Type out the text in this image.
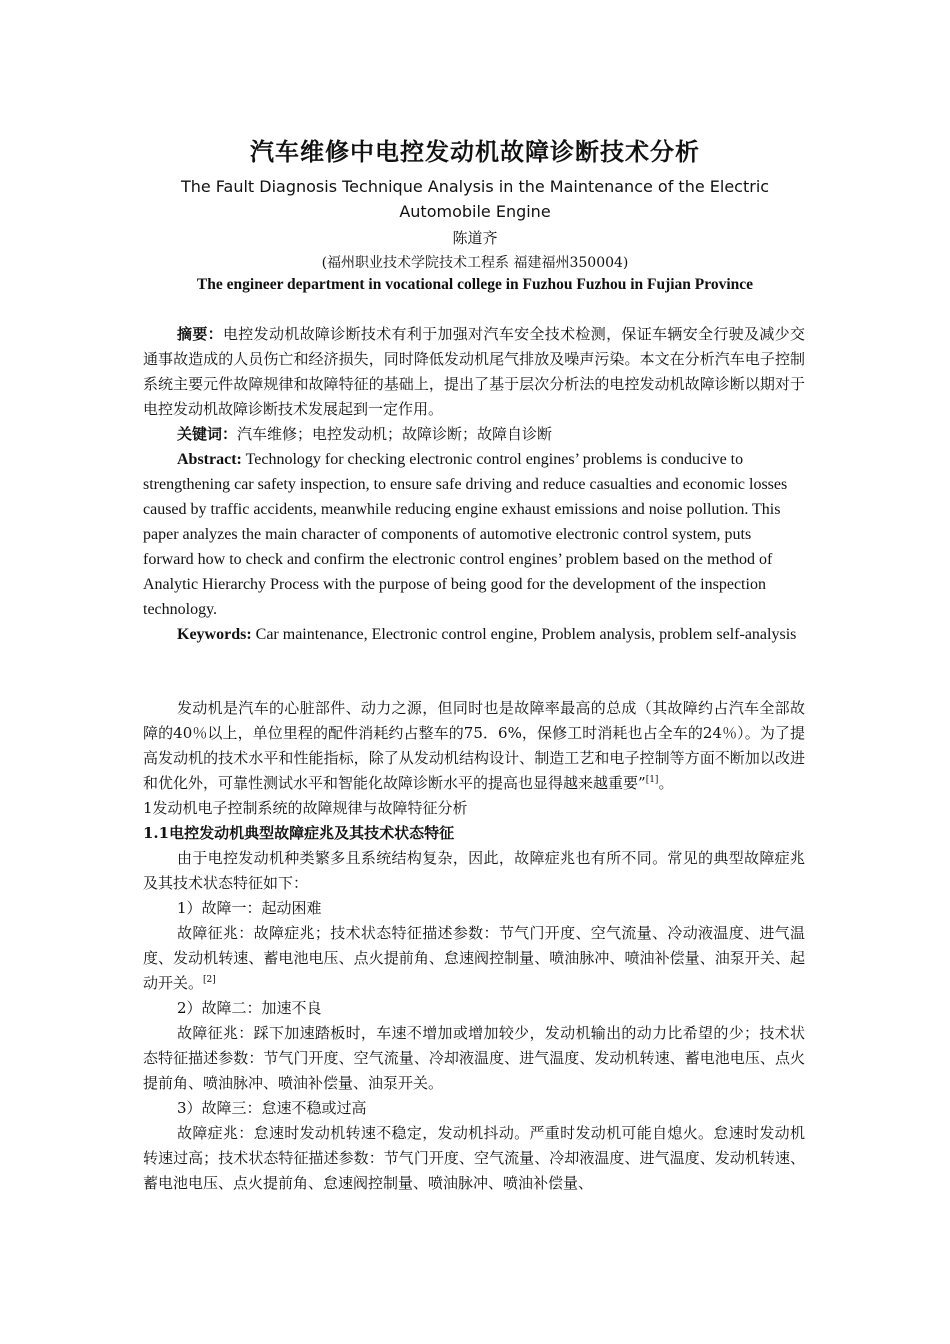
汽车维修中电控发动机故障诊断技术分析
The Fault Diagnosis Technique Analysis in the Maintenance of the Electric Automobile Engine
陈道齐
(福州职业技术学院技术工程系 福建福州350004)
The engineer department in vocational college in Fuzhou Fuzhou in Fujian Province

摘要：电控发动机故障诊断技术有利于加强对汽车安全技术检测，保证车辆安全行驶及减少交通事故造成的人员伤亡和经济损失，同时降低发动机尾气排放及噪声污染。本文在分析汽车电子控制系统主要元件故障规律和故障特征的基础上，提出了基于层次分析法的电控发动机故障诊断以期对于电控发动机故障诊断技术发展起到一定作用。

关键词：汽车维修；电控发动机；故障诊断；故障自诊断

Abstract: Technology for checking electronic control engines’ problems is conducive to strengthening car safety inspection, to ensure safe driving and reduce casualties and economic losses caused by traffic accidents, meanwhile reducing engine exhaust emissions and noise pollution. This paper analyzes the main character of components of automotive electronic control system, puts forward how to check and confirm the electronic control engines’ problem based on the method of Analytic Hierarchy Process with the purpose of being good for the development of the inspection technology.

Keywords: Car maintenance, Electronic control engine, Problem analysis, problem self-analysis

发动机是汽车的心脏部件、动力之源，但同时也是故障率最高的总成（其故障约占汽车全部故障的40％以上，单位里程的配件消耗约占整车的75．6%，保修工时消耗也占全车的24％）。为了提高发动机的技术水平和性能指标，除了从发动机结构设计、制造工艺和电子控制等方面不断加以改进和优化外，可靠性测试水平和智能化故障诊断水平的提高也显得越来越重要”[1]。

1发动机电子控制系统的故障规律与故障特征分析

1.1电控发动机典型故障症兆及其技术状态特征

由于电控发动机种类繁多且系统结构复杂，因此，故障症兆也有所不同。常见的典型故障症兆及其技术状态特征如下：

1）故障一：起动困难

故障征兆：故障症兆；技术状态特征描述参数：节气门开度、空气流量、冷动液温度、进气温度、发动机转速、蓄电池电压、点火提前角、怠速阀控制量、喷油脉冲、喷油补偿量、油泵开关、起动开关。[2]

2）故障二：加速不良

故障征兆：踩下加速踏板时，车速不增加或增加较少，发动机输出的动力比希望的少；技术状态特征描述参数：节气门开度、空气流量、冷却液温度、进气温度、发动机转速、蓄电池电压、点火提前角、喷油脉冲、喷油补偿量、油泵开关。

3）故障三：怠速不稳或过高

故障症兆：怠速时发动机转速不稳定，发动机抖动。严重时发动机可能自熄火。怠速时发动机转速过高；技术状态特征描述参数：节气门开度、空气流量、冷却液温度、进气温度、发动机转速、蓄电池电压、点火提前角、怠速阀控制量、喷油脉冲、喷油补偿量、
